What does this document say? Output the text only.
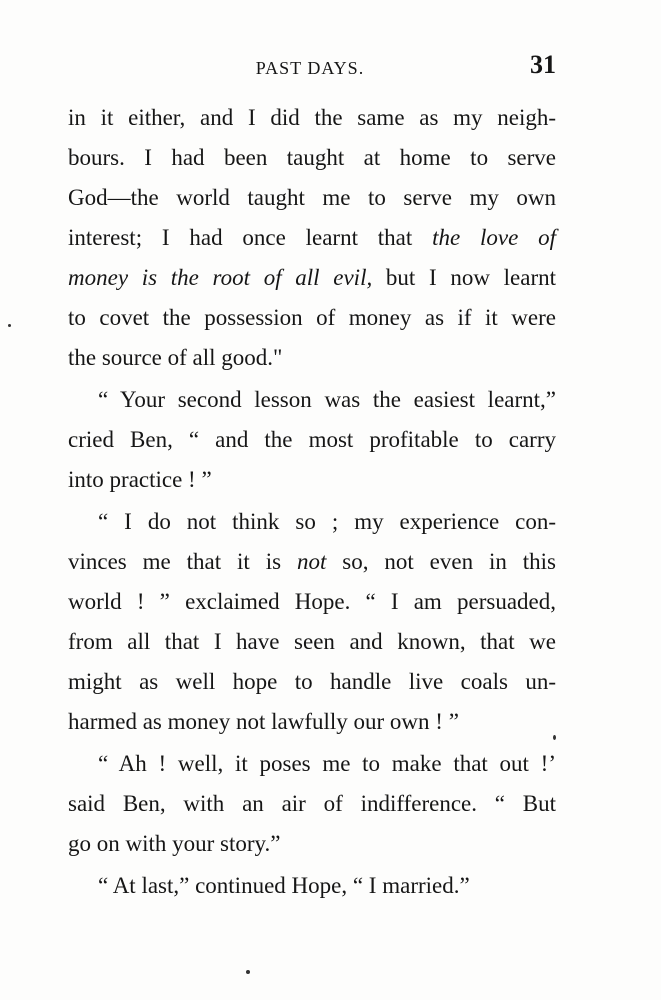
PAST DAYS.	31
in it either, and I did the same as my neigh-
bours. I had been taught at home to serve
God—the world taught me to serve my own
interest; I had once learnt that the love of
money is the root of all evil, but I now learnt
to covet the possession of money as if it were
the source of all good."
“ Your second lesson was the easiest learnt,”
cried Ben, “ and the most profitable to carry
into practice ! ”
“ I do not think so ; my experience con-
vinces me that it is not so, not even in this
world ! ” exclaimed Hope. “ I am persuaded,
from all that I have seen and known, that we
might as well hope to handle live coals un-
harmed as money not lawfully our own ! ”
“ Ah ! well, it poses me to make that out !’
said Ben, with an air of indifference. “ But
go on with your story.”
“ At last,” continued Hope, “ I married.”
